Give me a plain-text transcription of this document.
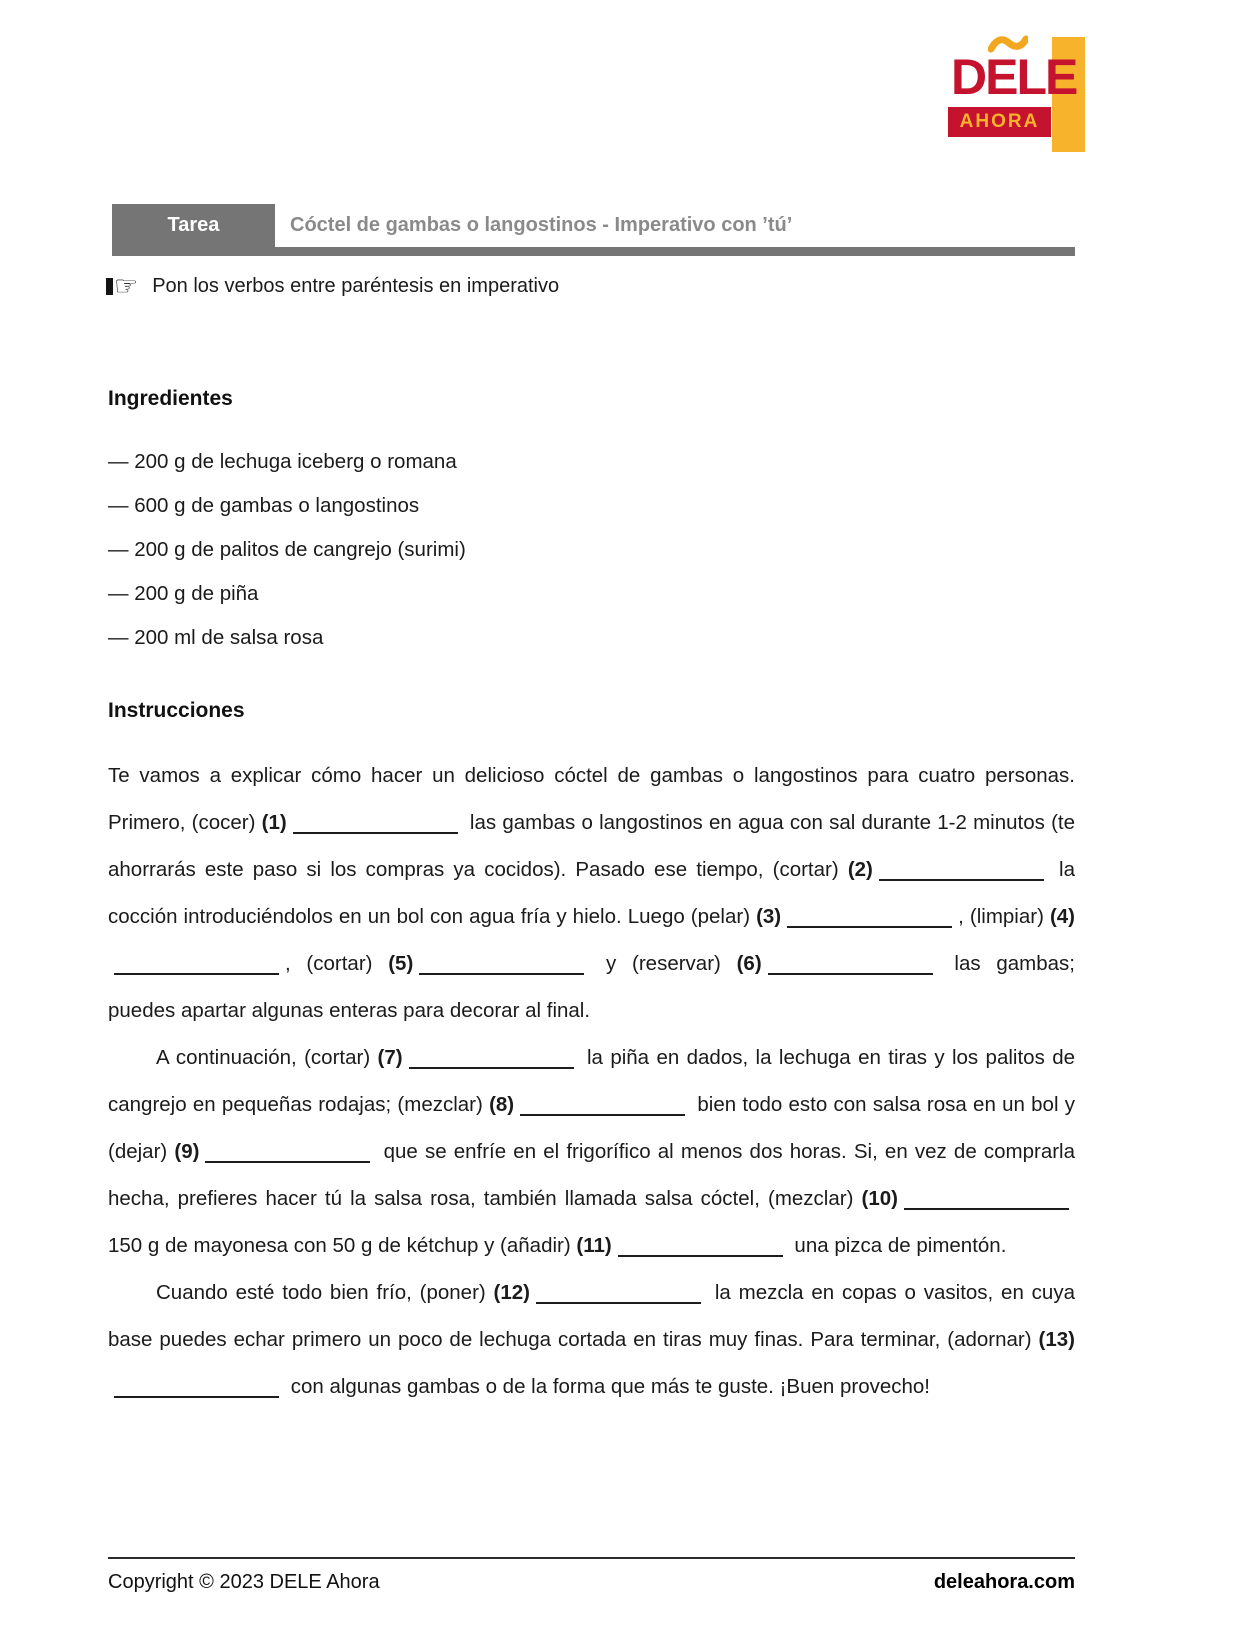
DELE
AHORA
Tarea	Cóctel de gambas o langostinos - Imperativo con ’tú’
☞ Pon los verbos entre paréntesis en imperativo
Ingredientes
— 200 g de lechuga iceberg o romana
— 600 g de gambas o langostinos
— 200 g de palitos de cangrejo (surimi)
— 200 g de piña
— 200 ml de salsa rosa
Instrucciones

Te vamos a explicar cómo hacer un delicioso cóctel de gambas o langostinos para cuatro personas. Primero, (cocer) (1)	las gambas o langostinos en agua con sal durante 1-2 minutos (te ahorrarás este paso si los compras ya cocidos). Pasado ese tiempo, (cortar) (2)	la cocción introduciéndolos en un bol con agua fría y hielo. Luego (pelar) (3)	, (limpiar) (4), (cortar) (5)	y (reservar) (6)	las gambas; puedes apartar algunas enteras para decorar al final.

A continuación, (cortar) (7)	la piña en dados, la lechuga en tiras y los palitos de cangrejo en pequeñas rodajas; (mezclar) (8)	bien todo esto con salsa rosa en un bol y (dejar) (9)	que se enfríe en el frigorífico al menos dos horas. Si, en vez de comprarla hecha, prefieres hacer tú la salsa rosa, también llamada salsa cóctel, (mezclar) (10) 150 g de mayonesa con 50 g de kétchup y (añadir) (11)	una pizca de pimentón.

Cuando esté todo bien frío, (poner) (12)	la mezcla en copas o vasitos, en cuya base puedes echar primero un poco de lechuga cortada en tiras muy finas. Para terminar, (adornar) (13) con algunas gambas o de la forma que más te guste. ¡Buen provecho!

Copyright © 2023 DELE Ahora	deleahora.com
